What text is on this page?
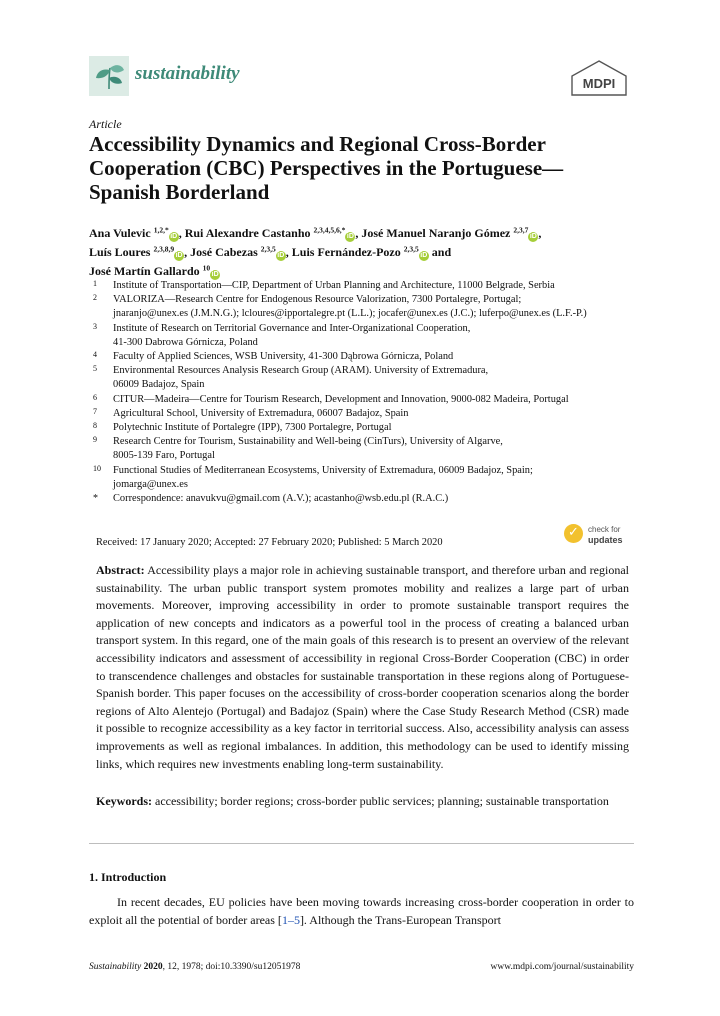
sustainability	MDPI
Article
Accessibility Dynamics and Regional Cross-Border Cooperation (CBC) Perspectives in the Portuguese—Spanish Borderland
Ana Vulevic $^{1,2,*}$iD , Rui Alexandre Castanho $^{2,3,4,5,6,*}$iD , José Manuel Naranjo Gómez $^{2,3,7}$iD ,
Luís Loures $^{2,3,8,9}$iD , José Cabezas $^{2,3,5}$iD , Luis Fernández-Pozo $^{2,3,5}$iD and
José Martín Gallardo $^{10}$iD
1	Institute of Transportation—CIP, Department of Urban Planning and Architecture, 11000 Belgrade, Serbia
2	VALORIZA—Research Centre for Endogenous Resource Valorization, 7300 Portalegre, Portugal;
jnaranjo@unex.es (J.M.N.G.); lcloures@ipportalegre.pt (L.L.); jocafer@unex.es (J.C.); luferpo@unex.es (L.F.-P.)
3	Institute of Research on Territorial Governance and Inter-Organizational Cooperation,
41-300 Dabrowa Górnicza, Poland
4	Faculty of Applied Sciences, WSB University, 41-300 Dąbrowa Górnicza, Poland
5	Environmental Resources Analysis Research Group (ARAM). University of Extremadura,
06009 Badajoz, Spain
6	CITUR—Madeira—Centre for Tourism Research, Development and Innovation, 9000-082 Madeira, Portugal
7	Agricultural School, University of Extremadura, 06007 Badajoz, Spain
8	Polytechnic Institute of Portalegre (IPP), 7300 Portalegre, Portugal
9	Research Centre for Tourism, Sustainability and Well-being (CinTurs), University of Algarve,
8005-139 Faro, Portugal
10	Functional Studies of Mediterranean Ecosystems, University of Extremadura, 06009 Badajoz, Spain;
jomarga@unex.es
*	Correspondence: anavukvu@gmail.com (A.V.); acastanho@wsb.edu.pl (R.A.C.)
Received: 17 January 2020; Accepted: 27 February 2020; Published: 5 March 2020
✓ check for
updates
Abstract: Accessibility plays a major role in achieving sustainable transport, and therefore urban and regional sustainability. The urban public transport system promotes mobility and realizes a large part of urban movements. Moreover, improving accessibility in order to promote sustainable transport requires the application of new concepts and indicators as a powerful tool in the process of creating a balanced urban transport system. In this regard, one of the main goals of this research is to present an overview of the relevant accessibility indicators and assessment of accessibility in regional Cross-Border Cooperation (CBC) in order to transcendence challenges and obstacles for sustainable transportation in these regions along of Portuguese-Spanish border. This paper focuses on the accessibility of cross-border cooperation scenarios along the border regions of Alto Alentejo (Portugal) and Badajoz (Spain) where the Case Study Research Method (CSR) made it possible to recognize accessibility as a key factor in territorial success. Also, accessibility analysis can assess improvements as well as regional imbalances. In addition, this methodology can be used to identify missing links, which requires new investments enabling long-term sustainability.
Keywords: accessibility; border regions; cross-border public services; planning; sustainable transportation
1. Introduction
In recent decades, EU policies have been moving towards increasing cross-border cooperation in order to exploit all the potential of border areas [1–5]. Although the Trans-European Transport
Sustainability 2020, 12, 1978; doi:10.3390/su12051978	www.mdpi.com/journal/sustainability
